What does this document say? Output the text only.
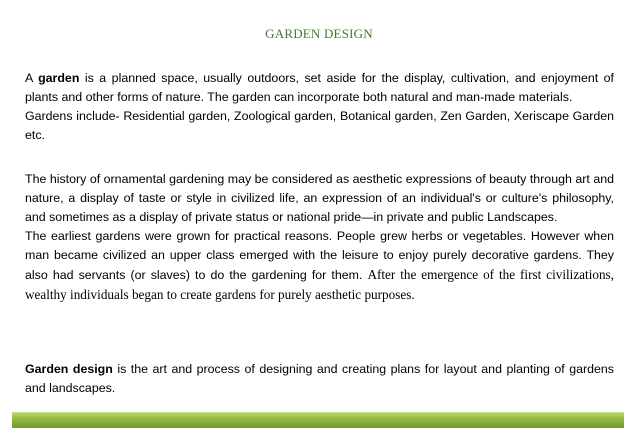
GARDEN DESIGN

A garden is a planned space, usually outdoors, set aside for the display, cultivation, and enjoyment of plants and other forms of nature. The garden can incorporate both natural and man-made materials.

Gardens include- Residential garden, Zoological garden, Botanical garden, Zen Garden, Xeriscape Garden etc.

The history of ornamental gardening may be considered as aesthetic expressions of beauty through art and nature, a display of taste or style in civilized life, an expression of an individual's or culture's philosophy, and sometimes as a display of private status or national pride—in private and public Landscapes.

The earliest gardens were grown for practical reasons. People grew herbs or vegetables. However when man became civilized an upper class emerged with the leisure to enjoy purely decorative gardens. They also had servants (or slaves) to do the gardening for them. After the emergence of the first civilizations, wealthy individuals began to create gardens for purely aesthetic purposes.

Garden design is the art and process of designing and creating plans for layout and planting of gardens and landscapes.
